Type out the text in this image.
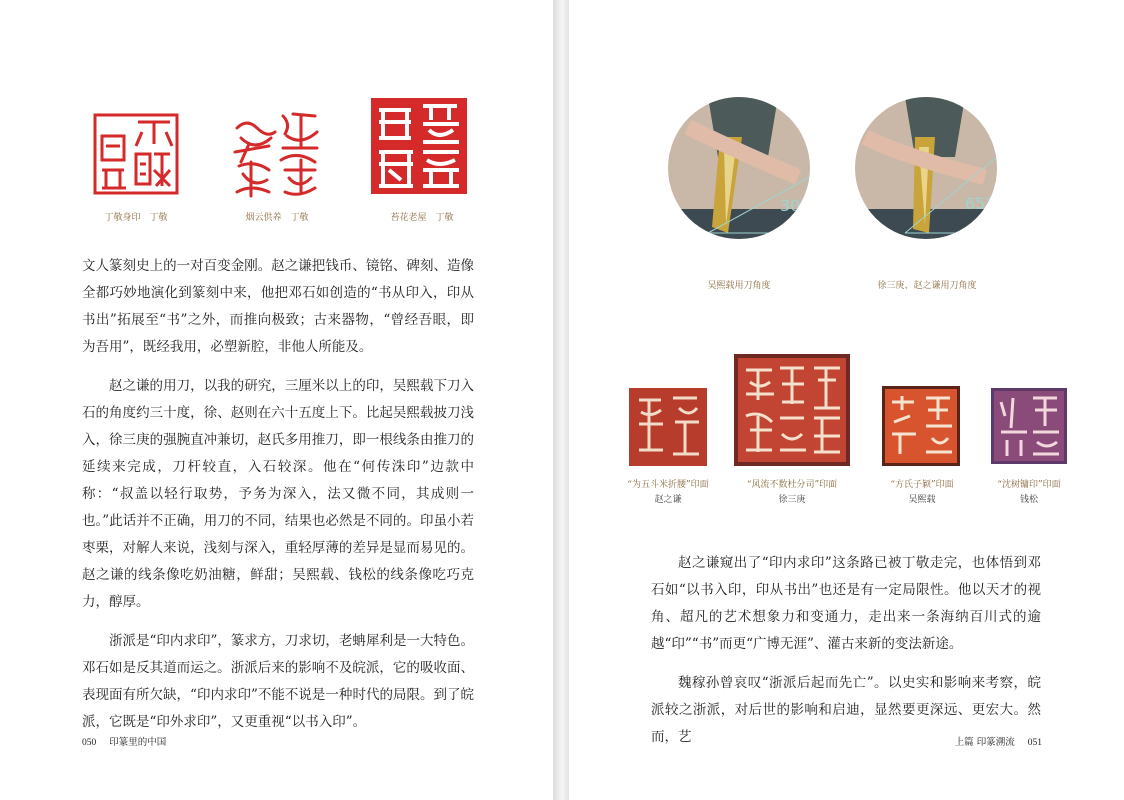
丁敬身印　 丁敬	烟云供养　 丁敬	苔花老屋　 丁敬

文人篆刻史上的一对百变金刚。赵之谦把钱币、镜铭、碑刻、造像全都巧妙地演化到篆刻中来，他把邓石如创造的“书从印入，印从书出”拓展至“书”之外，而推向极致；古来器物，“曾经吾眼，即为吾用”，既经我用，必塑新腔，非他人所能及。

赵之谦的用刀，以我的研究，三厘米以上的印，吴熙载下刀入石的角度约三十度，徐、赵则在六十五度上下。比起吴熙载披刀浅入，徐三庚的强腕直冲兼切，赵氏多用推刀，即一根线条由推刀的延续来完成，刀杆较直，入石较深。他在“何传洙印”边款中称：“叔盖以轻行取势，予务为深入，法又微不同，其成则一也。”此话并不正确，用刀的不同，结果也必然是不同的。印虽小若枣栗，对解人来说，浅刻与深入，重轻厚薄的差异是显而易见的。赵之谦的线条像吃奶油糖，鲜甜；吴熙载、钱松的线条像吃巧克力，醇厚。

浙派是“印内求印”，篆求方，刀求切，老蚺犀利是一大特色。邓石如是反其道而运之。浙派后来的影响不及皖派，它的吸收面、表现面有所欠缺，“印内求印”不能不说是一种时代的局限。到了皖派，它既是“印外求印”，又更重视“以书入印”。

050 印篆里的中国
30°
吴熙载用刀角度
65°
徐三庚、赵之谦用刀角度
“为五斗米折腰”印面
赵之谦
“风流不数杜分司”印面
徐三庚
“方氏子颖”印面
吴熙载
“沈树镛印”印面
钱松

赵之谦窥出了“印内求印”这条路已被丁敬走完，也体悟到邓石如“以书入印，印从书出”也还是有一定局限性。他以天才的视角、超凡的艺术想象力和变通力，走出来一条海纳百川式的逾越“印”“书”而更“广博无涯”、灌古来新的变法新途。

魏稼孙曾哀叹“浙派后起而先亡”。以史实和影响来考察，皖派较之浙派，对后世的影响和启迪，显然要更深远、更宏大。然而，艺	上篇 印篆溯流 051
